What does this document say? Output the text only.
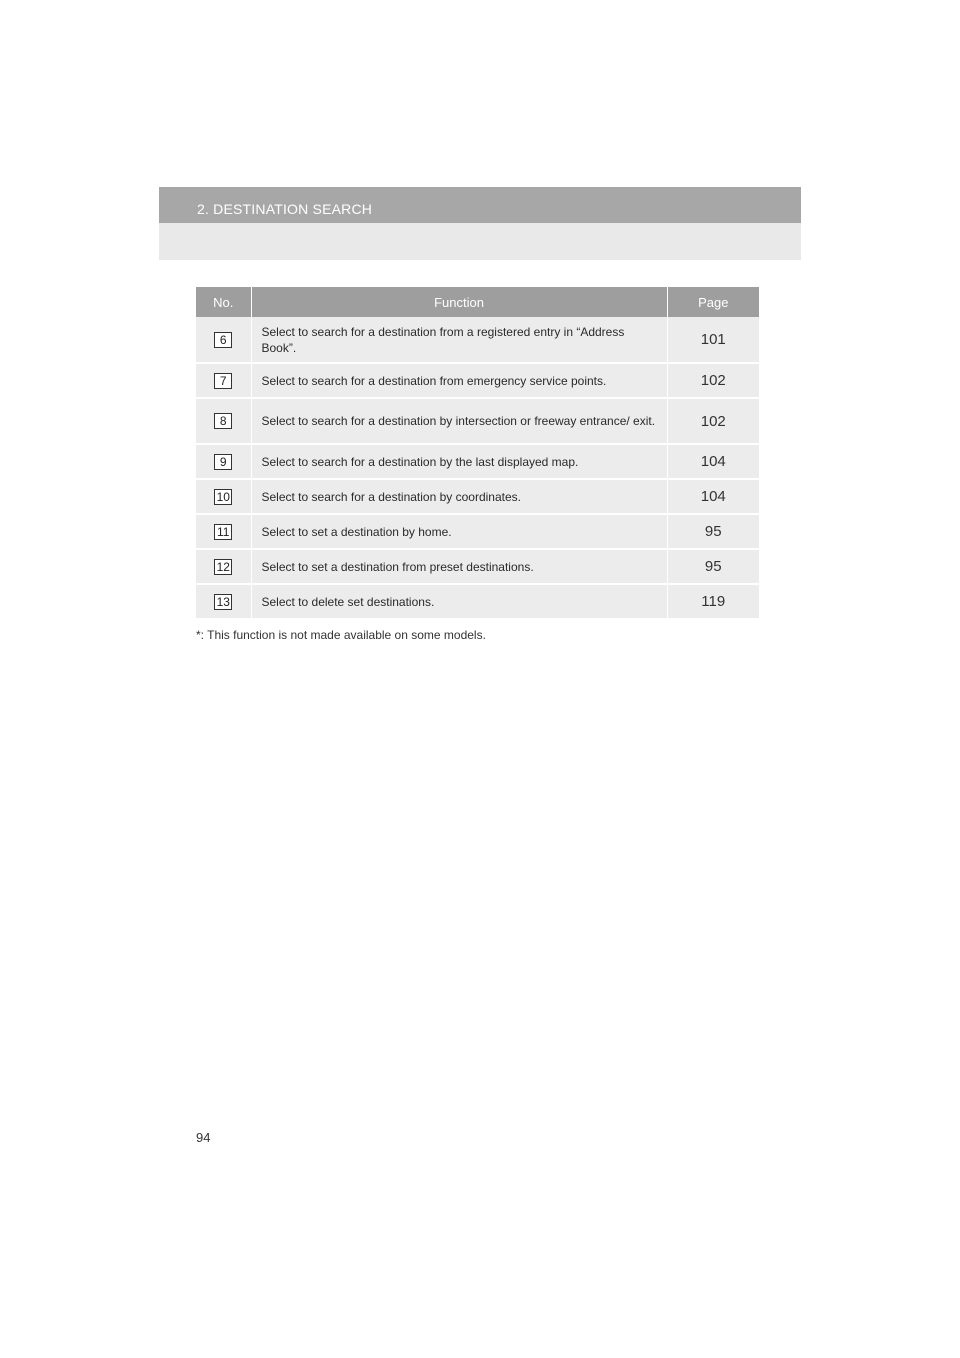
2. DESTINATION SEARCH
No.	Function	Page
6	Select to search for a destination from a registered entry in “Address Book”.	101
7	Select to search for a destination from emergency service points.	102
8	Select to search for a destination by intersection or freeway entrance/ exit.	102
9	Select to search for a destination by the last displayed map.	104
10	Select to search for a destination by coordinates.	104
11	Select to set a destination by home.	95
12	Select to set a destination from preset destinations.	95
13	Select to delete set destinations.	119
*: This function is not made available on some models.
94
